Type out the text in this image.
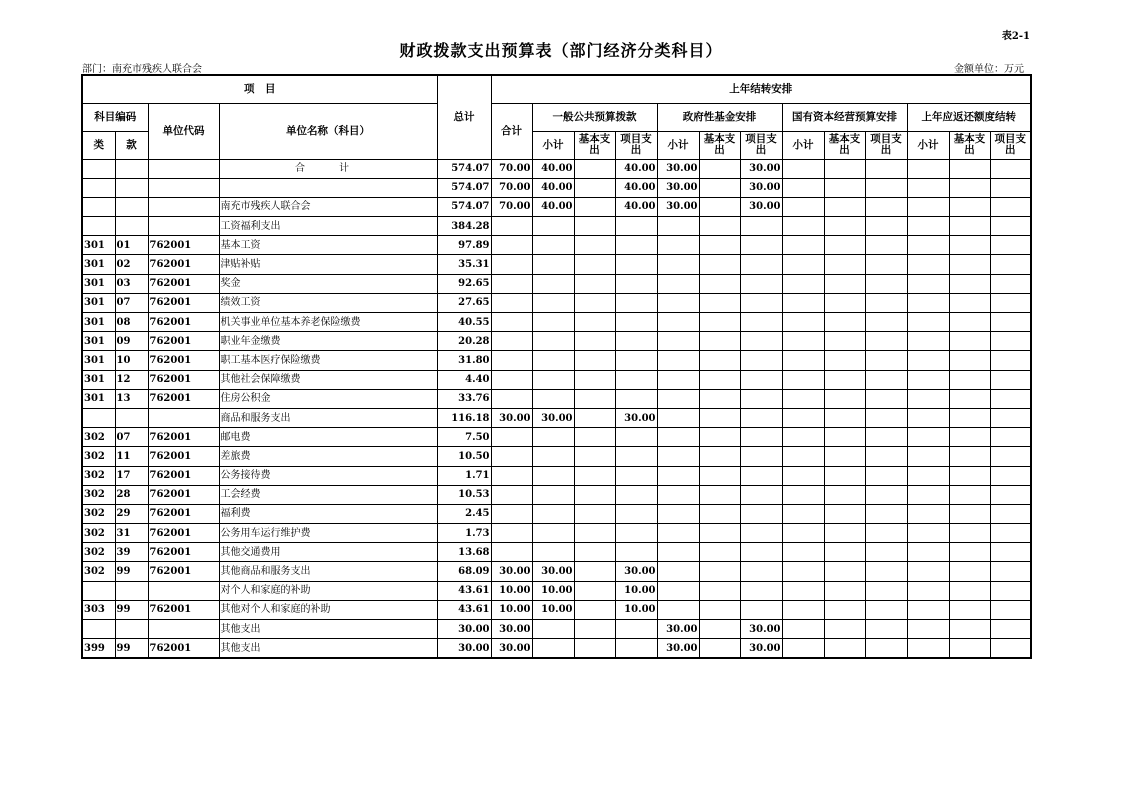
表2-1
财政拨款支出预算表（部门经济分类科目）
部门：南充市残疾人联合会	金额单位：万元
项　目				总计	上年结转安排												
科目编码		单位代码	单位名称（科目）		合计	一般公共预算拨款			政府性基金安排			国有资本经营预算安排			上年应返还额度结转		
类	款					小计	基本支出	项目支出	小计	基本支出	项目支出	小计	基本支出	项目支出	小计	基本支出	项目支出
			合　计	574.07	70.00	40.00		40.00	30.00		30.00						
				574.07	70.00	40.00		40.00	30.00		30.00						
			南充市残疾人联合会	574.07	70.00	40.00		40.00	30.00		30.00						
			工资福利支出	384.28													
301	01	762001	基本工资	97.89													
301	02	762001	津贴补贴	35.31													
301	03	762001	奖金	92.65													
301	07	762001	绩效工资	27.65													
301	08	762001	机关事业单位基本养老保险缴费	40.55													
301	09	762001	职业年金缴费	20.28													
301	10	762001	职工基本医疗保险缴费	31.80													
301	12	762001	其他社会保障缴费	4.40													
301	13	762001	住房公积金	33.76													
			商品和服务支出	116.18	30.00	30.00		30.00									
302	07	762001	邮电费	7.50													
302	11	762001	差旅费	10.50													
302	17	762001	公务接待费	1.71													
302	28	762001	工会经费	10.53													
302	29	762001	福利费	2.45													
302	31	762001	公务用车运行维护费	1.73													
302	39	762001	其他交通费用	13.68													
302	99	762001	其他商品和服务支出	68.09	30.00	30.00		30.00									
			对个人和家庭的补助	43.61	10.00	10.00		10.00									
303	99	762001	其他对个人和家庭的补助	43.61	10.00	10.00		10.00									
			其他支出	30.00	30.00				30.00		30.00						
399	99	762001	其他支出	30.00	30.00				30.00		30.00						
